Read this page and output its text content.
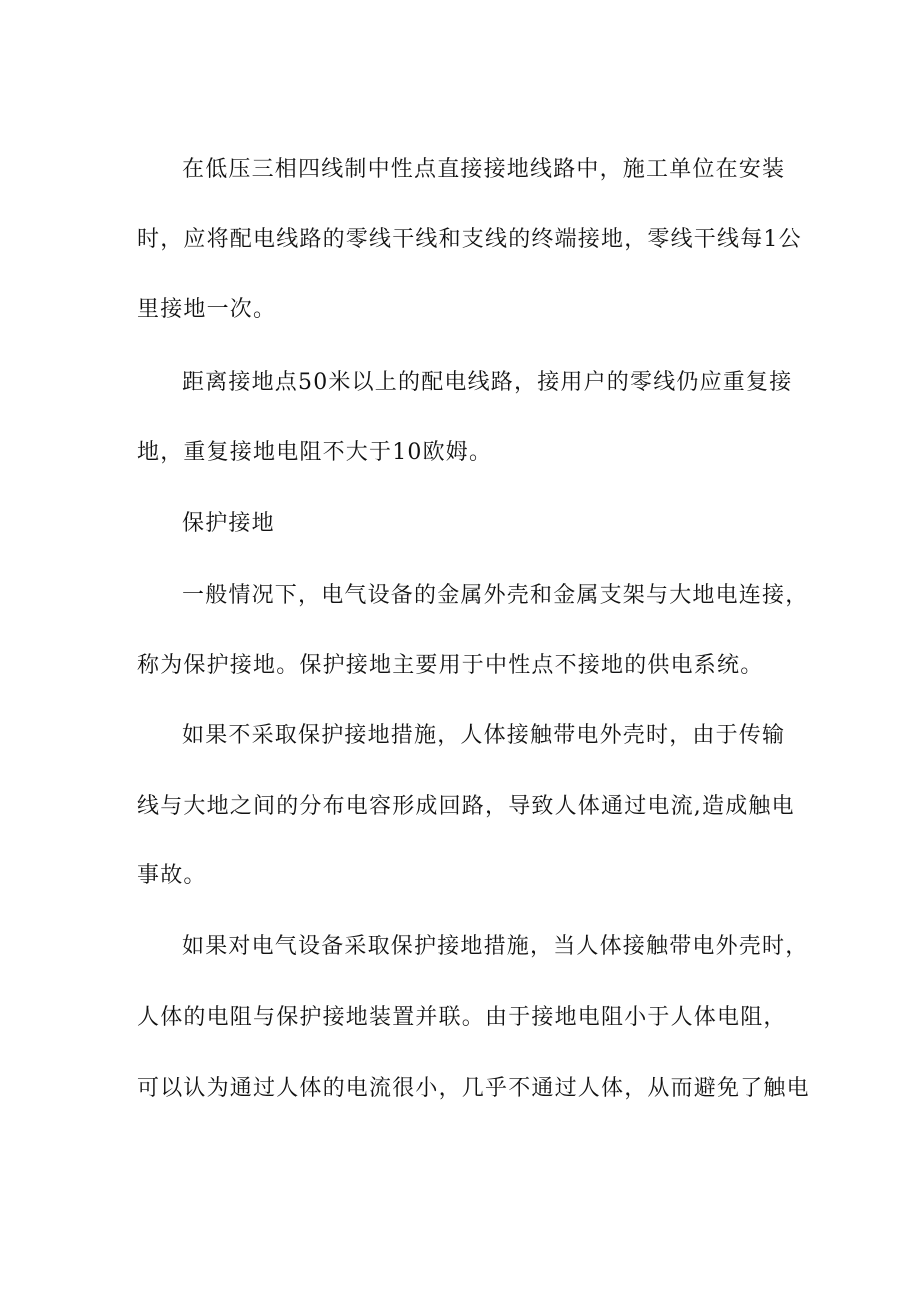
在低压三相四线制中性点直接接地线路中，施工单位在安装
时，应将配电线路的零线干线和支线的终端接地，零线干线每1公
里接地一次。
距离接地点50米以上的配电线路，接用户的零线仍应重复接
地，重复接地电阻不大于10欧姆。
保护接地
一般情况下，电气设备的金属外壳和金属支架与大地电连接，
称为保护接地。保护接地主要用于中性点不接地的供电系统。
如果不采取保护接地措施，人体接触带电外壳时，由于传输
线与大地之间的分布电容形成回路，导致人体通过电流,造成触电
事故。
如果对电气设备采取保护接地措施，当人体接触带电外壳时，
人体的电阻与保护接地装置并联。由于接地电阻小于人体电阻，
可以认为通过人体的电流很小，几乎不通过人体，从而避免了触电
